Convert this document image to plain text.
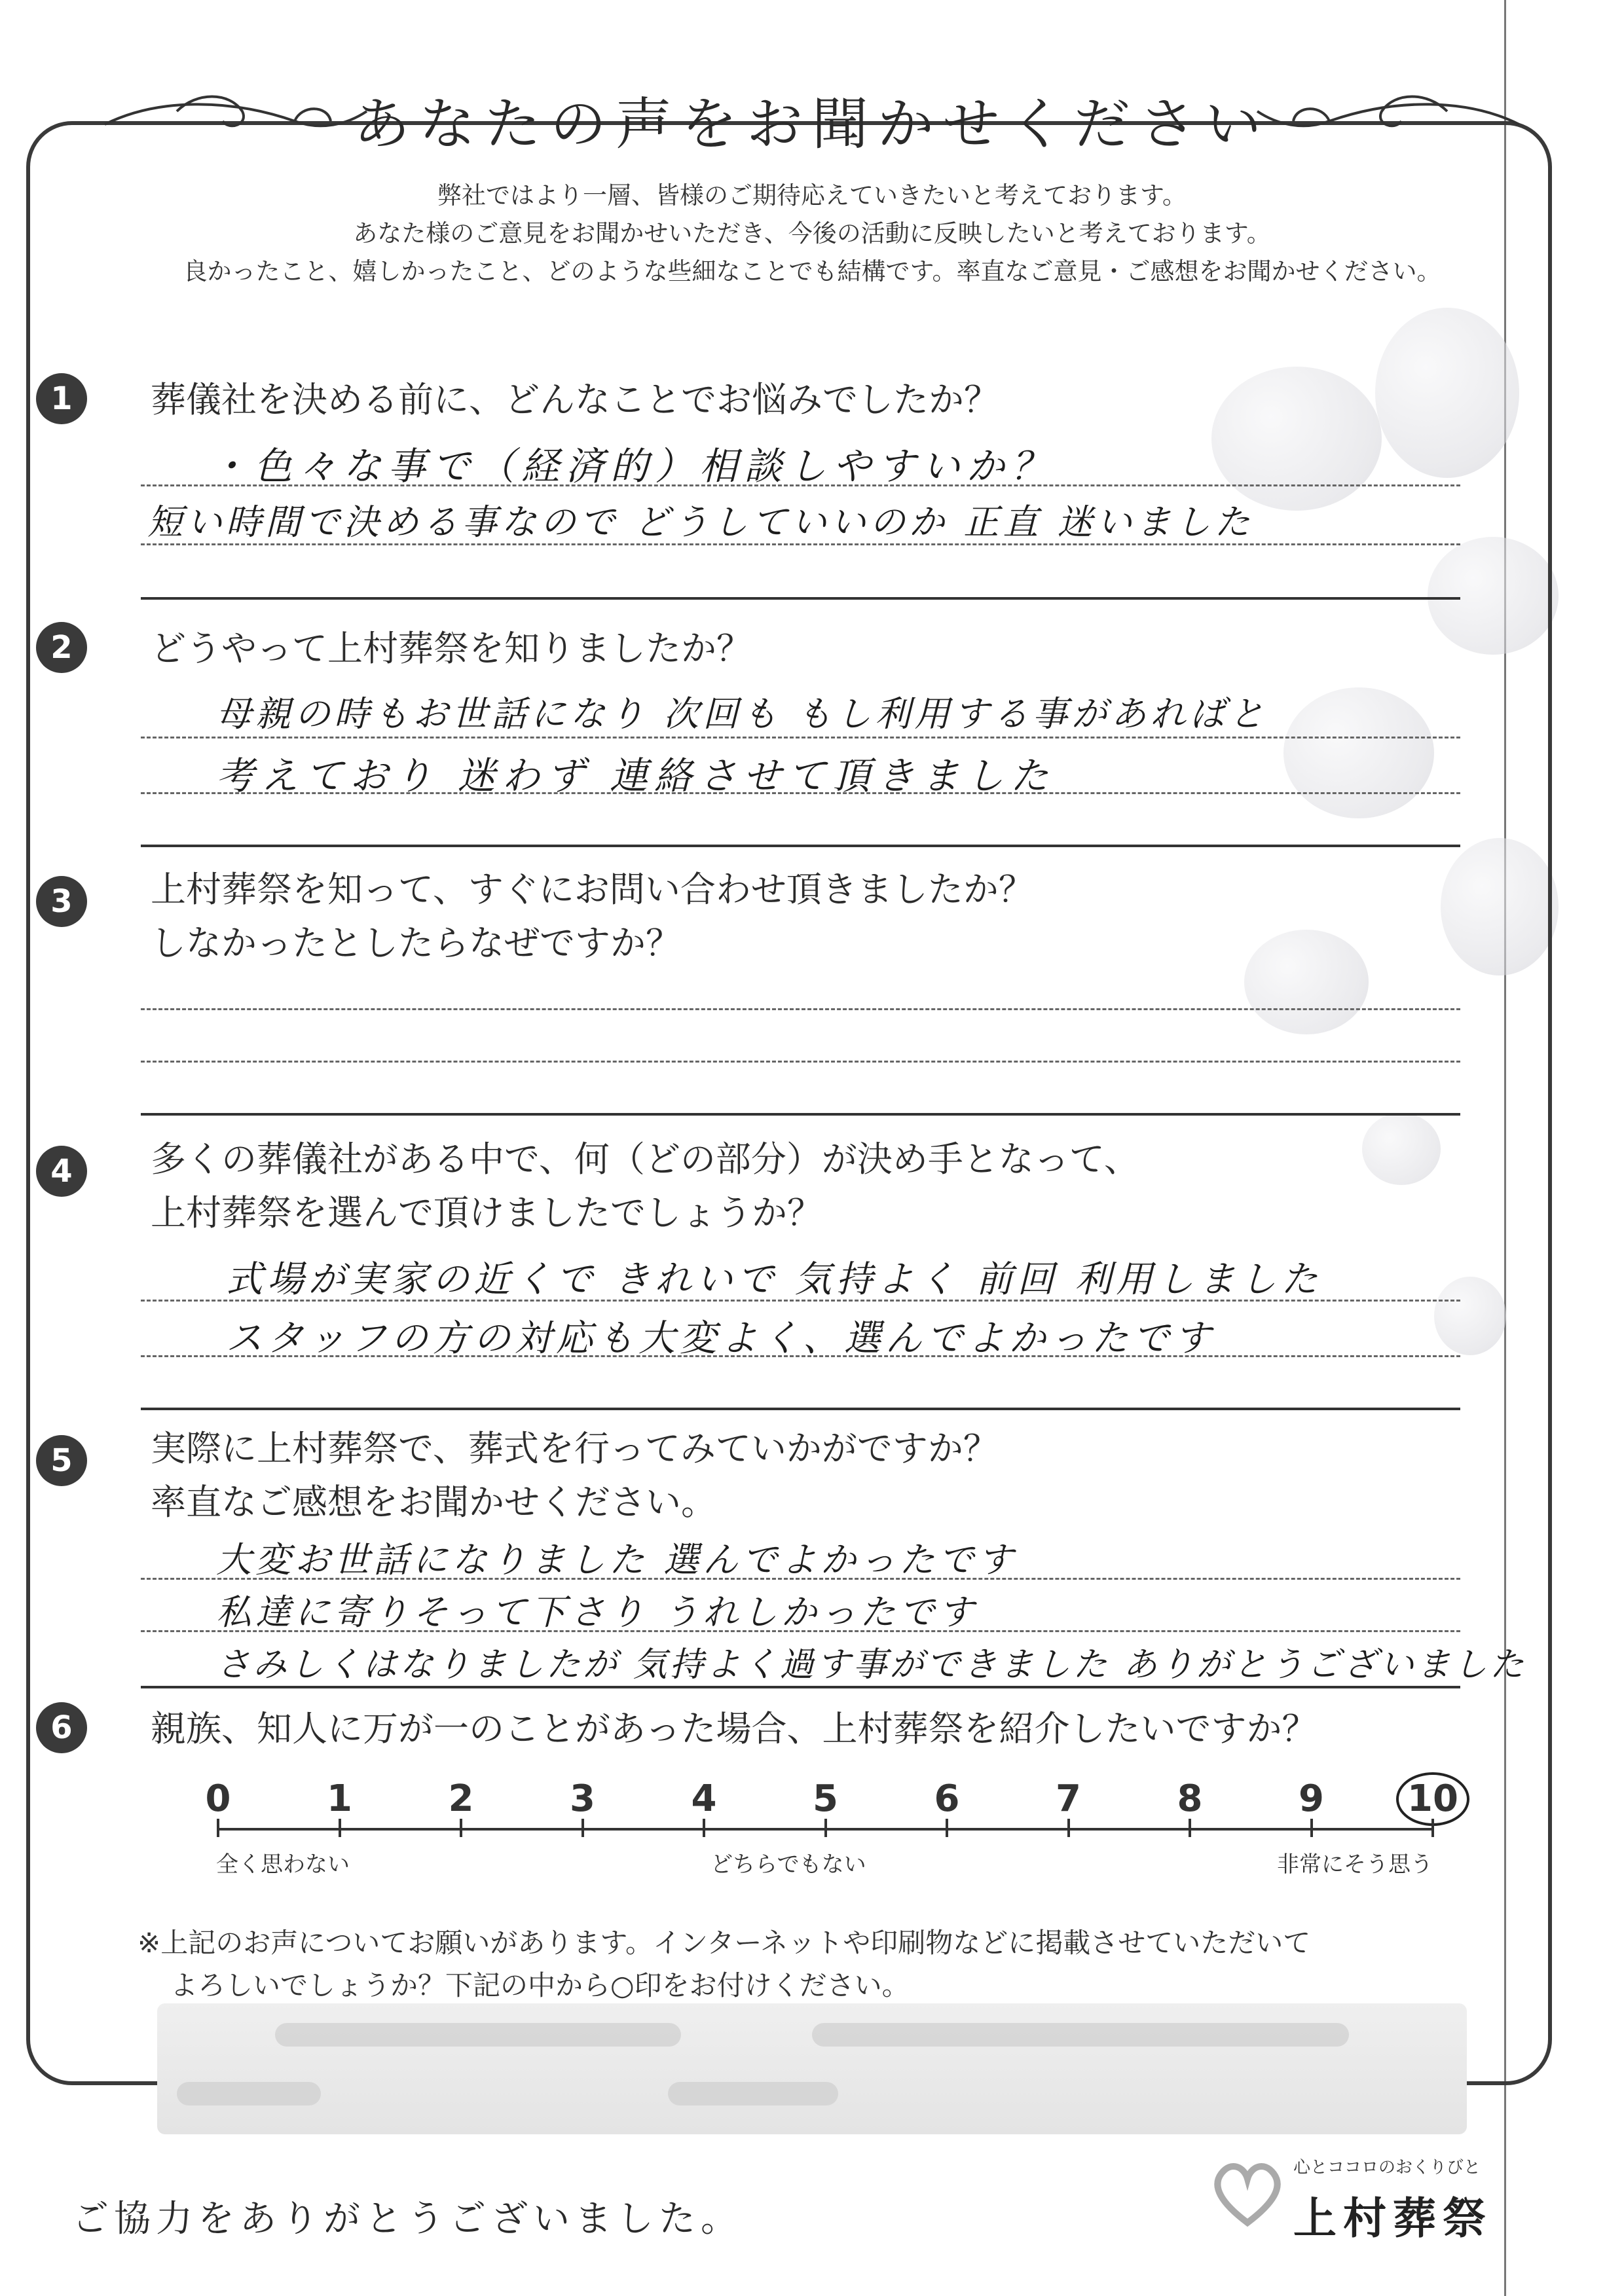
あなたの声をお聞かせください
弊社ではより一層、皆様のご期待応えていきたいと考えております。
あなた様のご意見をお聞かせいただき、今後の活動に反映したいと考えております。
良かったこと、嬉しかったこと、どのような些細なことでも結構です。率直なご意見・ご感想をお聞かせください。
1	葬儀社を決める前に、どんなことでお悩みでしたか？
・色々な事で（経済的）相談しやすいか？
短い時間で決める事なので どうしていいのか 正直 迷いました
2	どうやって上村葬祭を知りましたか？
母親の時もお世話になり 次回も もし利用する事があればと
考えており 迷わず 連絡させて頂きました
3	上村葬祭を知って、すぐにお問い合わせ頂きましたか？
しなかったとしたらなぜですか？
4	多くの葬儀社がある中で、何（どの部分）が決め手となって、
上村葬祭を選んで頂けましたでしょうか？
式場が実家の近くで きれいで 気持よく 前回 利用しました
スタッフの方の対応も大変よく、選んでよかったです
5	実際に上村葬祭で、葬式を行ってみていかがですか？
率直なご感想をお聞かせください。
大変お世話になりました 選んでよかったです
私達に寄りそって下さり うれしかったです
さみしくはなりましたが 気持よく過す事ができました ありがとうございました
6	親族、知人に万が一のことがあった場合、上村葬祭を紹介したいですか？
0	1	2	3	4	5	6	7	8	9	10
全く思わない	どちらでもない	非常にそう思う
※上記のお声についてお願いがあります。インターネットや印刷物などに掲載させていただいて
よろしいでしょうか？下記の中から○印をお付けください。
ご協力をありがとうございました。
心とココロのおくりびと
上村葬祭
